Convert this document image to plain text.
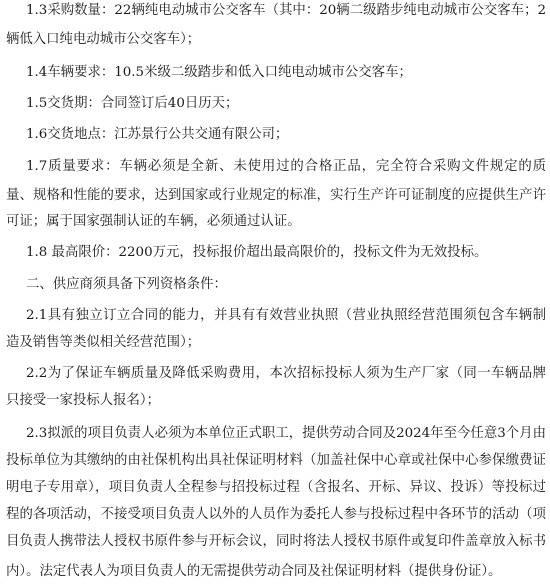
1.3采购数量：22辆纯电动城市公交客车（其中：20辆二级踏步纯电动城市公交客车；2
辆低入口纯电动城市公交客车）；
1.4车辆要求：10.5米级二级踏步和低入口纯电动城市公交客车；
1.5交货期：合同签订后40日历天；
1.6交货地点：江苏景行公共交通有限公司；
1.7质量要求：车辆必须是全新、未使用过的合格正品，完全符合采购文件规定的质
量、规格和性能的要求，达到国家或行业规定的标准，实行生产许可证制度的应提供生产许
可证；属于国家强制认证的车辆，必须通过认证。
1.8 最高限价：2200万元，投标报价超出最高限价的，投标文件为无效投标。
二、供应商须具备下列资格条件：
2.1具有独立订立合同的能力，并具有有效营业执照（营业执照经营范围须包含车辆制
造及销售等类似相关经营范围）；
2.2为了保证车辆质量及降低采购费用，本次招标投标人须为生产厂家（同一车辆品牌
只接受一家投标人报名）；
2.3拟派的项目负责人必须为本单位正式职工，提供劳动合同及2024年至今任意3个月由
投标单位为其缴纳的由社保机构出具社保证明材料（加盖社保中心章或社保中心参保缴费证
明电子专用章），项目负责人全程参与招投标过程（含报名、开标、异议、投诉）等投标过
程的各项活动，不接受项目负责人以外的人员作为委托人参与投标过程中各环节的活动（项
目负责人携带法人授权书原件参与开标会议，同时将法人授权书原件或复印件盖章放入标书
内）。法定代表人为项目负责人的无需提供劳动合同及社保证明材料（提供身份证）。
